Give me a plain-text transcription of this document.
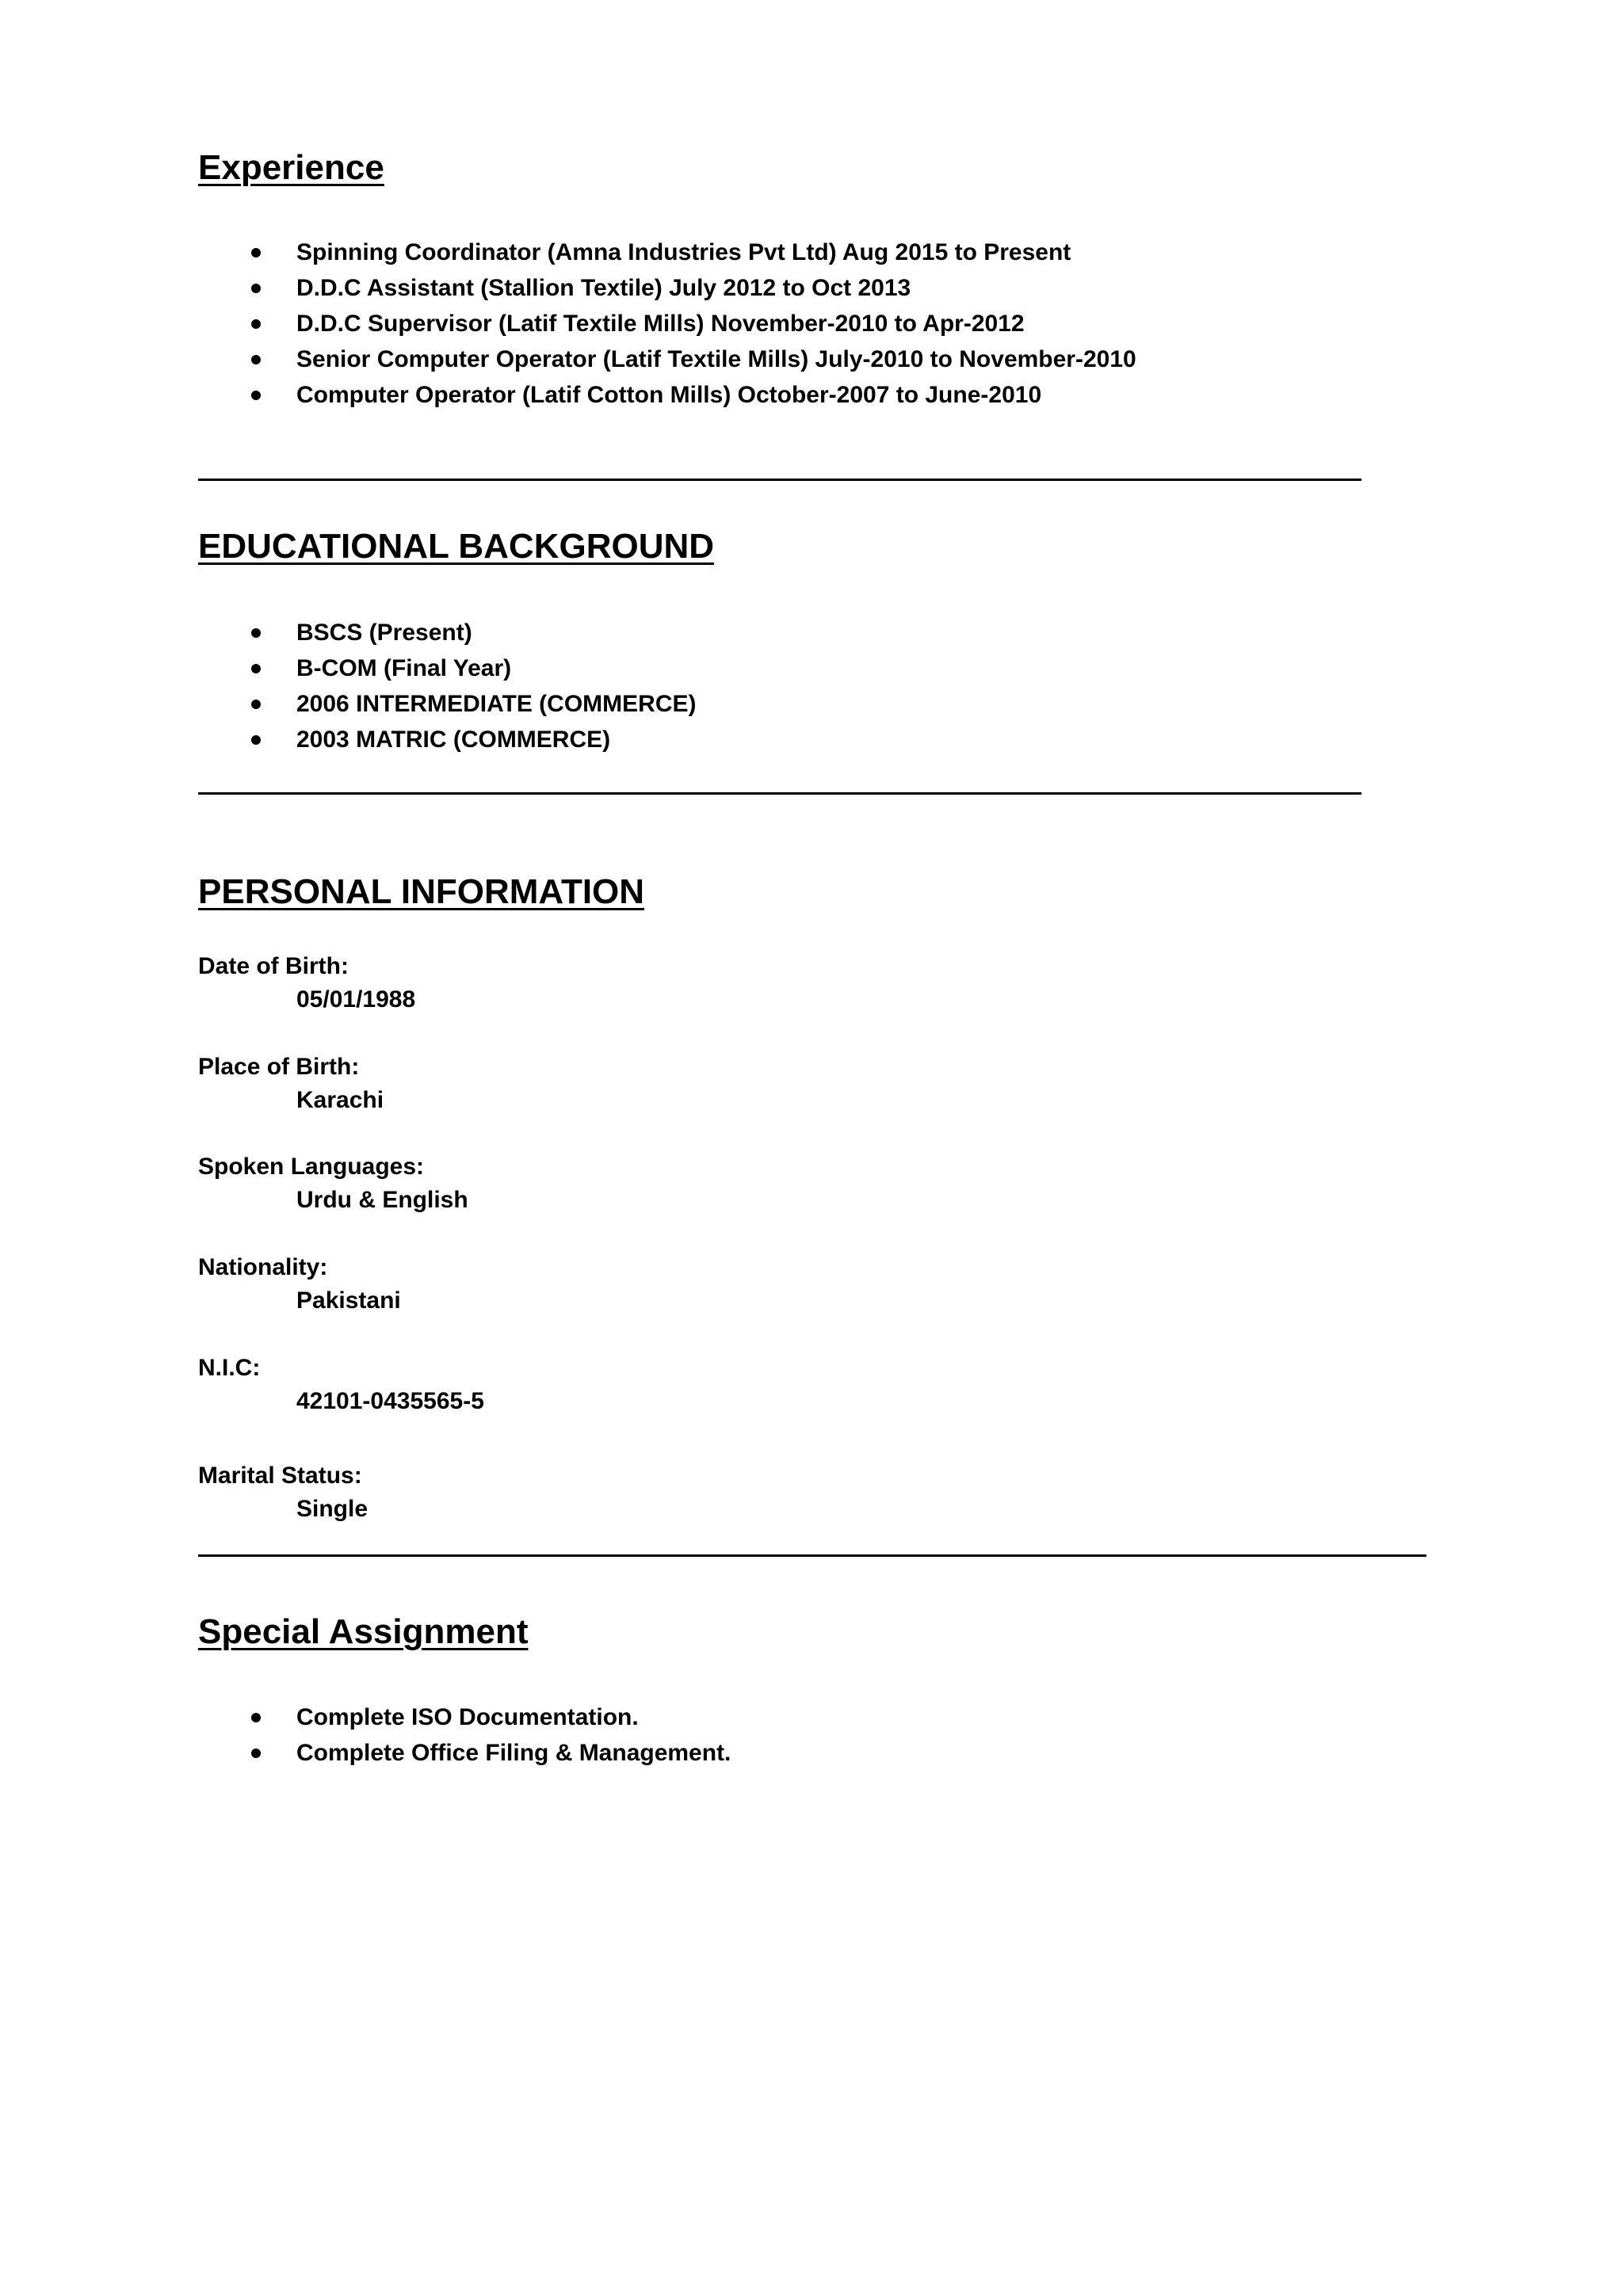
Experience
Spinning Coordinator (Amna Industries Pvt Ltd) Aug 2015 to Present
D.D.C Assistant (Stallion Textile) July 2012 to Oct 2013
D.D.C Supervisor (Latif Textile Mills) November-2010 to Apr-2012
Senior Computer Operator (Latif Textile Mills) July-2010 to November-2010
Computer Operator (Latif Cotton Mills) October-2007 to June-2010
EDUCATIONAL BACKGROUND
BSCS (Present)
B-COM (Final Year)
2006 INTERMEDIATE (COMMERCE)
2003 MATRIC (COMMERCE)
PERSONAL INFORMATION
Date of Birth:
05/01/1988
Place of Birth:
Karachi
Spoken Languages:
Urdu & English
Nationality:
Pakistani
N.I.C:
42101-0435565-5
Marital Status:
Single
Special Assignment
Complete ISO Documentation.
Complete Office Filing & Management.
